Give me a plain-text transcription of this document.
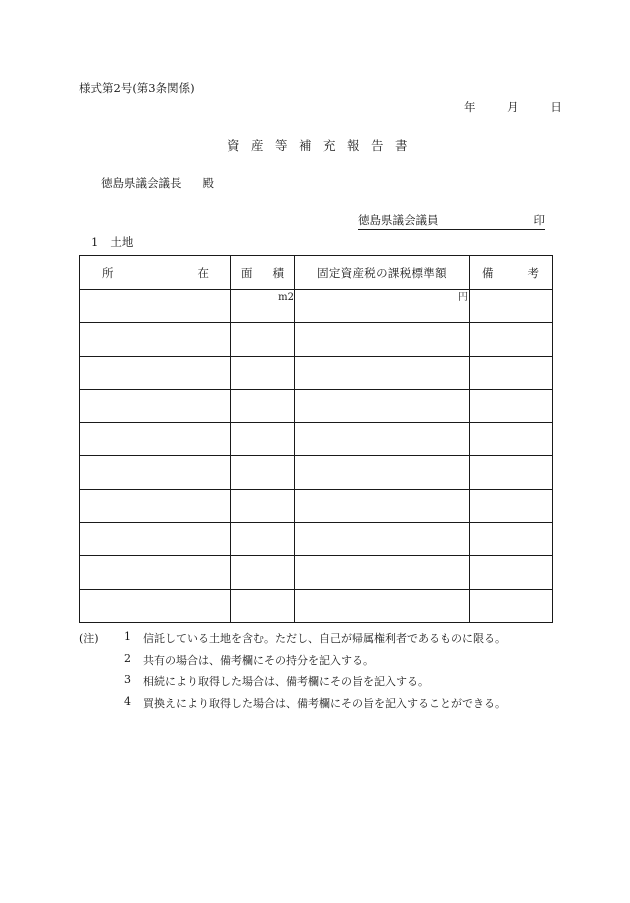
様式第2号(第3条関係)
年	月	日
資産等補充報告書
徳島県議会議長 殿
徳島県議会議員	印
1 土地
所 在	面 積	固定資産税の課税標準額	備 考

	m2	円	

(注) 1 信託している土地を含む。ただし、自己が帰属権利者であるものに限る。
2 共有の場合は、備考欄にその持分を記入する。
3 相続により取得した場合は、備考欄にその旨を記入する。
4 買換えにより取得した場合は、備考欄にその旨を記入することができる。
